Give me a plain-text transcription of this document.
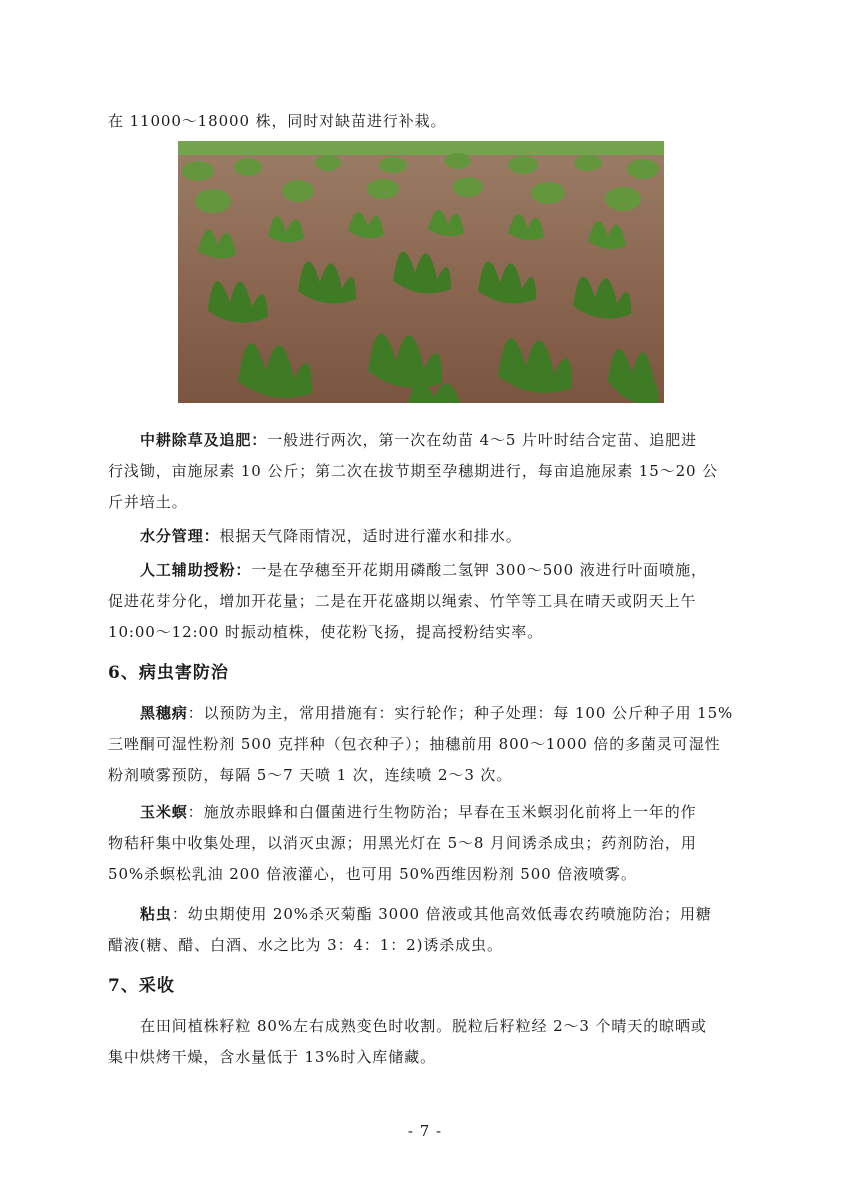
在 11000～18000 株，同时对缺苗进行补栽。
中耕除草及追肥：一般进行两次，第一次在幼苗 4～5 片叶时结合定苗、追肥进
行浅锄，亩施尿素 10 公斤；第二次在拔节期至孕穗期进行，每亩追施尿素 15～20 公
斤并培土。
水分管理：根据天气降雨情况，适时进行灌水和排水。
人工辅助授粉：一是在孕穗至开花期用磷酸二氢钾 300～500 液进行叶面喷施，
促进花芽分化，增加开花量；二是在开花盛期以绳索、竹竿等工具在晴天或阴天上午
10:00～12:00 时振动植株，使花粉飞扬，提高授粉结实率。
6、病虫害防治
黑穗病：以预防为主，常用措施有：实行轮作；种子处理：每 100 公斤种子用 15%
三唑酮可湿性粉剂 500 克拌种（包衣种子）；抽穗前用 800～1000 倍的多菌灵可湿性
粉剂喷雾预防，每隔 5～7 天喷 1 次，连续喷 2～3 次。
玉米螟：施放赤眼蜂和白僵菌进行生物防治；早春在玉米螟羽化前将上一年的作
物秸秆集中收集处理，以消灭虫源；用黑光灯在 5～8 月间诱杀成虫；药剂防治，用
50%杀螟松乳油 200 倍液灌心，也可用 50%西维因粉剂 500 倍液喷雾。
粘虫：幼虫期使用 20%杀灭菊酯 3000 倍液或其他高效低毒农药喷施防治；用糖
醋液(糖、醋、白酒、水之比为 3：4：1：2)诱杀成虫。
7、采收
在田间植株籽粒 80%左右成熟变色时收割。脱粒后籽粒经 2～3 个晴天的晾晒或
集中烘烤干燥，含水量低于 13%时入库储藏。
- 7 -
